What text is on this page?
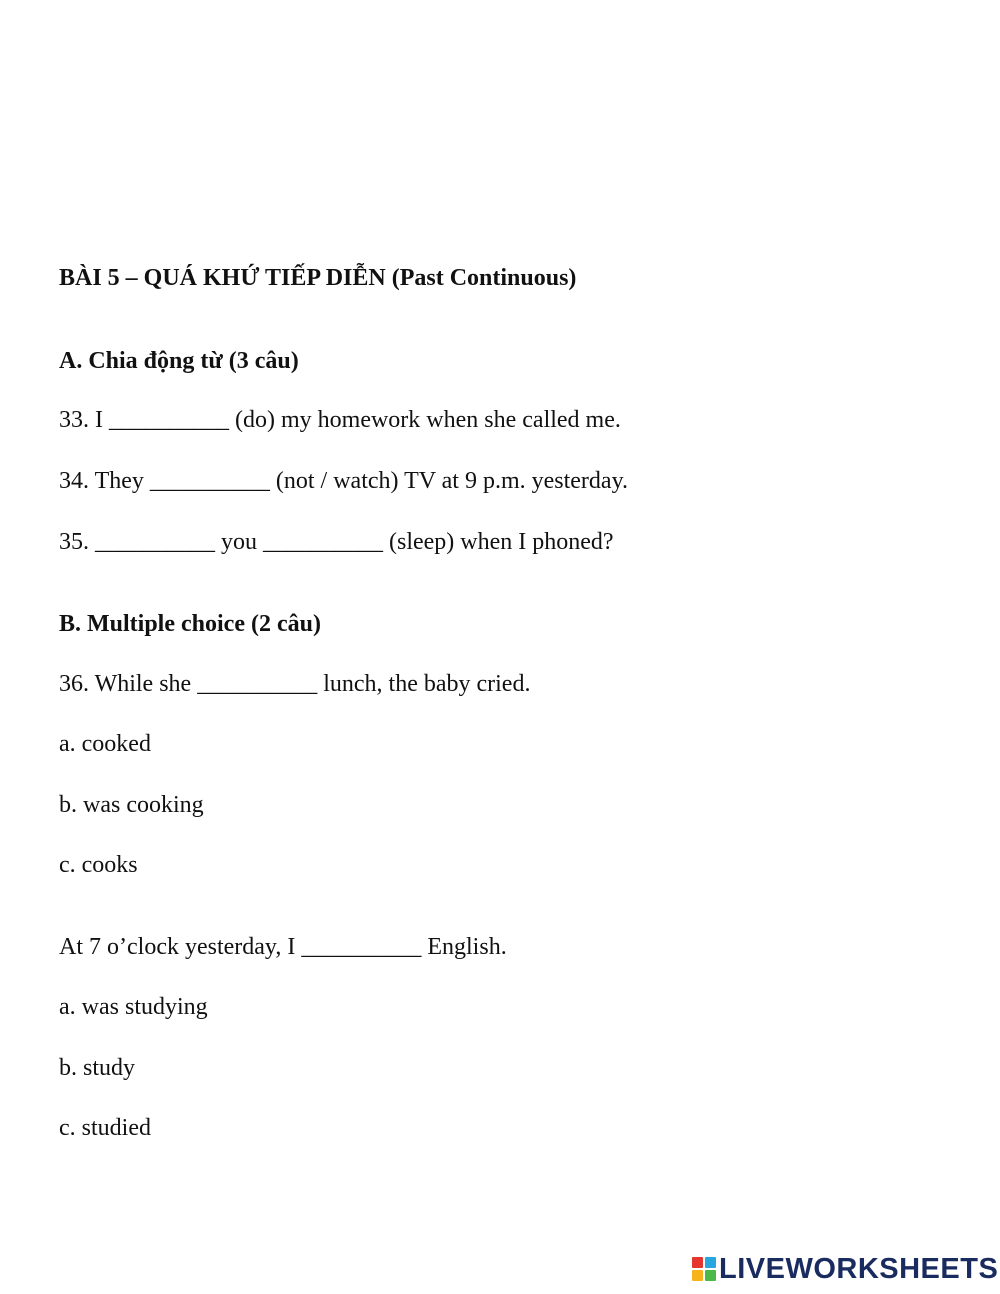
BÀI 5 – QUÁ KHỨ TIẾP DIỄN (Past Continuous)
A. Chia động từ (3 câu)
33. I __________ (do) my homework when she called me.
34. They __________ (not / watch) TV at 9 p.m. yesterday.
35. __________ you __________ (sleep) when I phoned?
B. Multiple choice (2 câu)
36. While she __________ lunch, the baby cried.
a. cooked
b. was cooking
c. cooks
At 7 o’clock yesterday, I __________ English.
a. was studying
b. study
c. studied
LIVEWORKSHEETS
